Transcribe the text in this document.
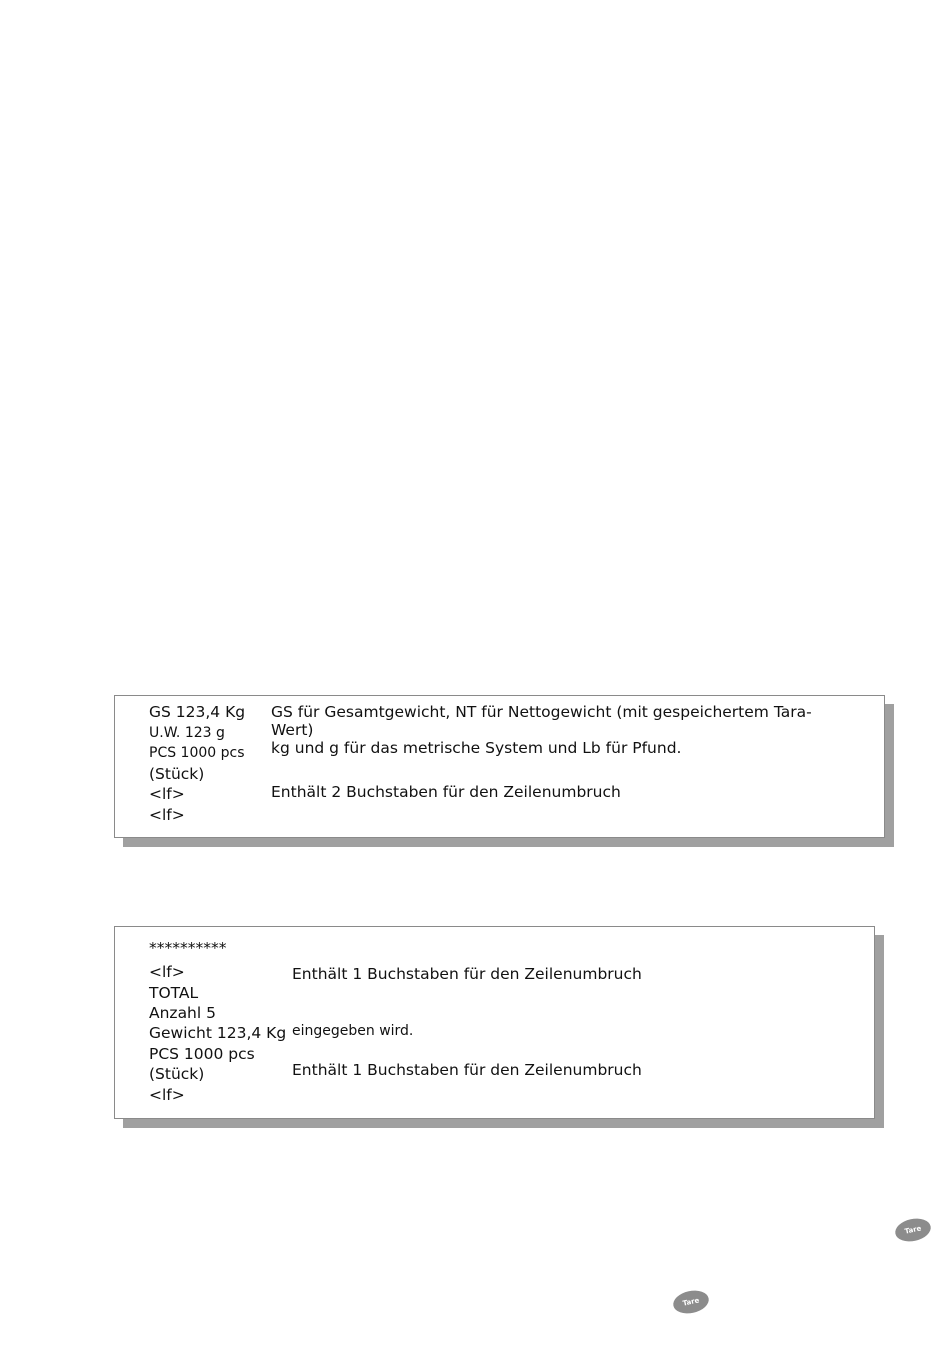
GS 123,4 Kg
U.W. 123 g
PCS 1000 pcs
(Stück)
<lf>
<lf>
GS für Gesamtgewicht, NT für Nettogewicht (mit gespeichertem Tara-
Wert)
kg und g für das metrische System und Lb für Pfund.
Enthält 2 Buchstaben für den Zeilenumbruch
**********
<lf>
TOTAL
Anzahl 5
Gewicht 123,4 Kg
PCS 1000 pcs
(Stück)
<lf>
Enthält 1 Buchstaben für den Zeilenumbruch
eingegeben wird.
Enthält 1 Buchstaben für den Zeilenumbruch
Tare
Tare
